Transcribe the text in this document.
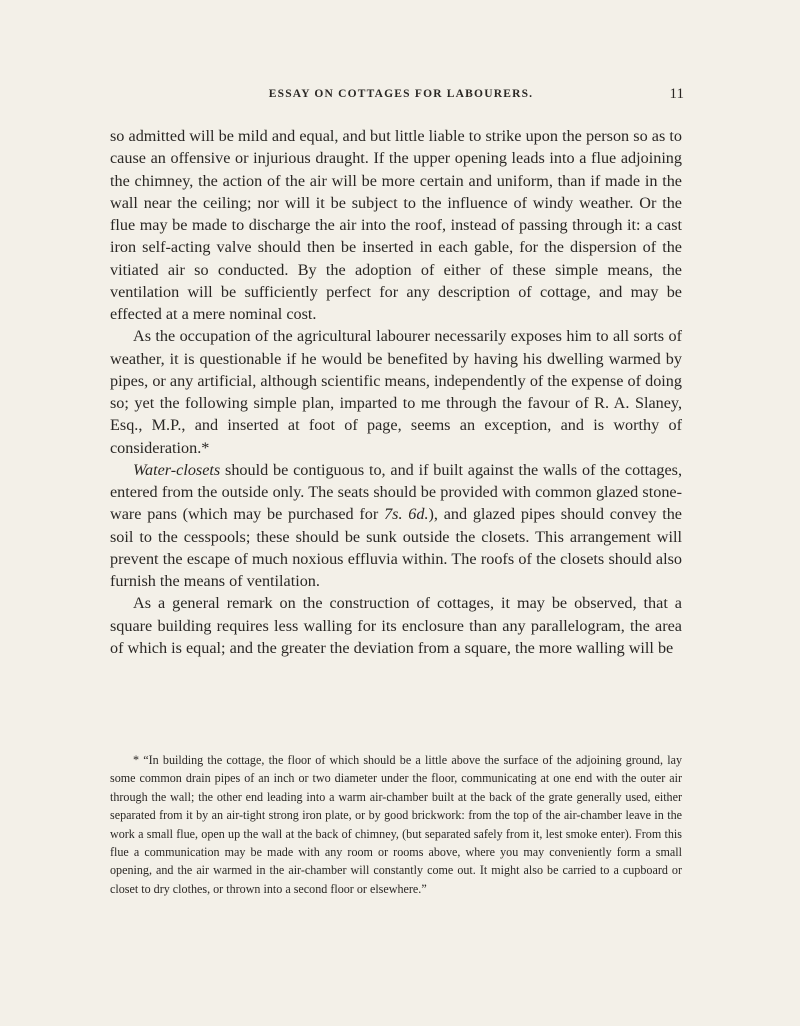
ESSAY ON COTTAGES FOR LABOURERS.	11

so admitted will be mild and equal, and but little liable to strike upon the person so as to cause an offensive or injurious draught. If the upper opening leads into a flue adjoining the chimney, the action of the air will be more certain and uniform, than if made in the wall near the ceiling; nor will it be subject to the influence of windy weather. Or the flue may be made to discharge the air into the roof, instead of passing through it: a cast iron self-acting valve should then be inserted in each gable, for the dispersion of the vitiated air so conducted. By the adoption of either of these simple means, the ventilation will be sufficiently perfect for any description of cottage, and may be effected at a mere nominal cost.

As the occupation of the agricultural labourer necessarily exposes him to all sorts of weather, it is questionable if he would be benefited by having his dwelling warmed by pipes, or any artificial, although scientific means, independently of the expense of doing so; yet the following simple plan, imparted to me through the favour of R. A. Slaney, Esq., M.P., and inserted at foot of page, seems an exception, and is worthy of consideration.*

Water-closets should be contiguous to, and if built against the walls of the cottages, entered from the outside only. The seats should be provided with common glazed stone-ware pans (which may be purchased for 7s. 6d.), and glazed pipes should convey the soil to the cesspools; these should be sunk outside the closets. This arrangement will prevent the escape of much noxious effluvia within. The roofs of the closets should also furnish the means of ventilation.

As a general remark on the construction of cottages, it may be observed, that a square building requires less walling for its enclosure than any parallelogram, the area of which is equal; and the greater the deviation from a square, the more walling will be

* “In building the cottage, the floor of which should be a little above the surface of the adjoining ground, lay some common drain pipes of an inch or two diameter under the floor, communicating at one end with the outer air through the wall; the other end leading into a warm air-chamber built at the back of the grate generally used, either separated from it by an air-tight strong iron plate, or by good brickwork: from the top of the air-chamber leave in the work a small flue, open up the wall at the back of chimney, (but separated safely from it, lest smoke enter). From this flue a communication may be made with any room or rooms above, where you may conveniently form a small opening, and the air warmed in the air-chamber will constantly come out. It might also be carried to a cupboard or closet to dry clothes, or thrown into a second floor or elsewhere.”
